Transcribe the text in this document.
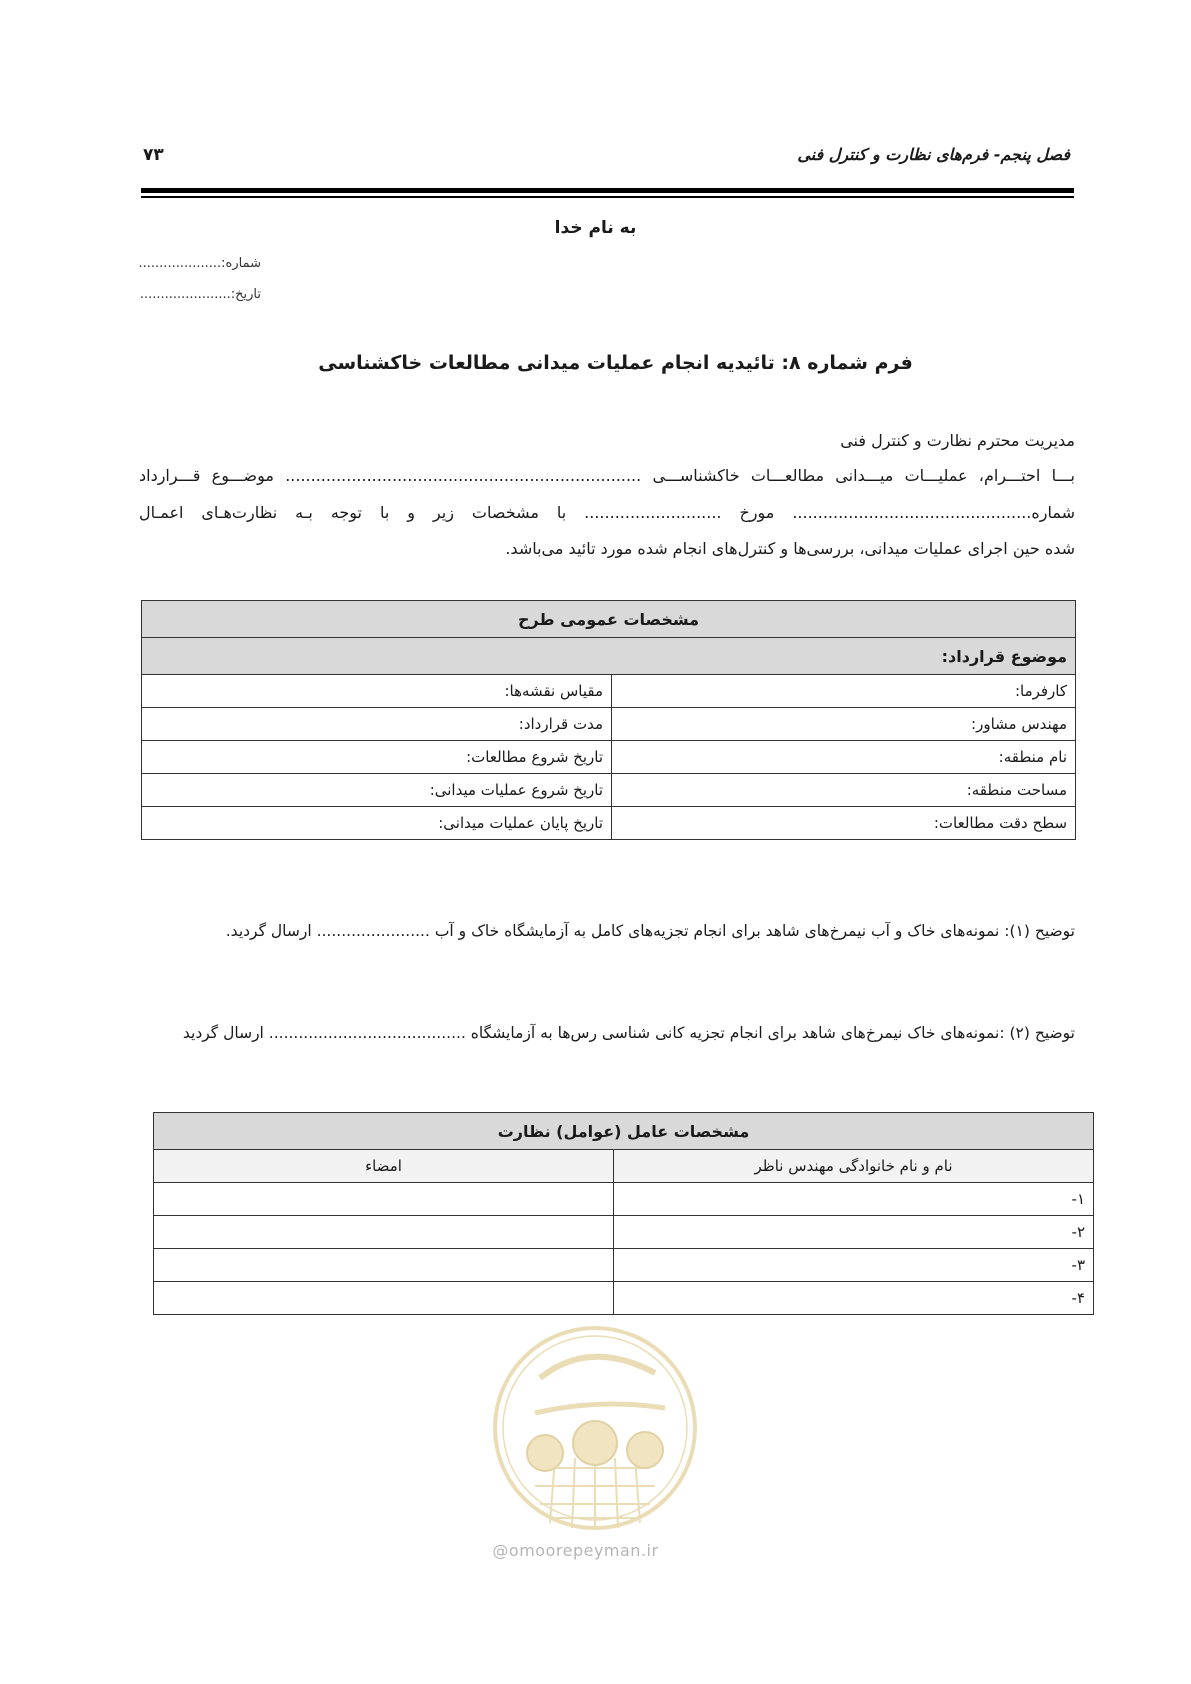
فصل پنجم- فرم‌های نظارت و کنترل فنی
۷۳
به نام خدا
شماره:....................
تاریخ:......................
فرم شماره ۸: تائیدیه انجام عملیات میدانی مطالعات خاکشناسی
مدیریت محترم نظارت و کنترل فنی
بـــا احتـــرام، عملیـــات میـــدانی مطالعـــات خاکشناســـی ...................................................................... موضـــوع قـــرارداد
شماره............................................... مورخ ........................... با مشخصات زیر و با توجه بـه نظارت‌هـای اعمـال
شده حین اجرای عملیات میدانی، بررسی‌ها و کنترل‌های انجام شده مورد تائید می‌باشد.
مشخصات عمومی طرح	
موضوع قرارداد:	
کارفرما:	مقیاس نقشه‌ها:
مهندس مشاور:	مدت قرارداد:
نام منطقه:	تاریخ شروع مطالعات:
مساحت منطقه:	تاریخ شروع عملیات میدانی:
سطح دقت مطالعات:	تاریخ پایان عملیات میدانی:
توضیح (۱): نمونه‌های خاک و آب نیمرخ‌های شاهد برای انجام تجزیه‌های کامل به آزمایشگاه خاک و آب ....................... ارسال گردید.
توضیح (۲) :نمونه‌های خاک نیمرخ‌های شاهد برای انجام تجزیه کانی شناسی رس‌ها به آزمایشگاه ........................................ ارسال گردید
مشخصات عامل (عوامل) نظارت	
نام و نام خانوادگی مهندس ناظر	امضاء
۱-	
۲-	
۳-	
۴-	
@omoorepeyman.ir
